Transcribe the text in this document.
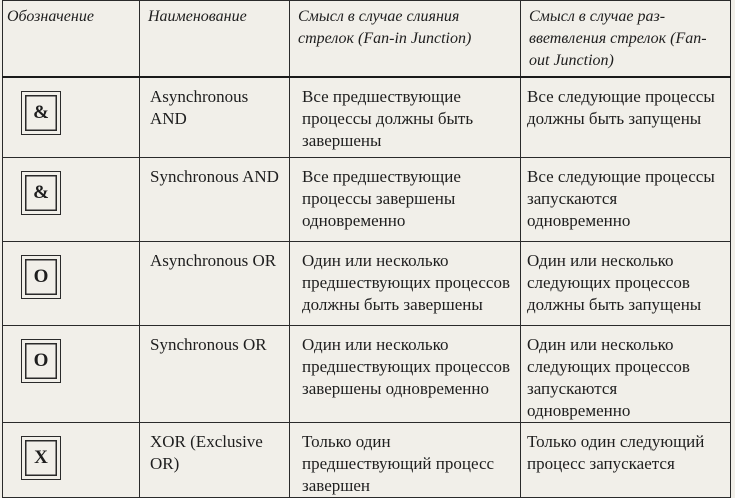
Обозначение	Наименование	Смысл в случае слияния стрелок (Fan-in Junction)	Смысл в случае раз-вветвления стрелок (Fan-out Junction)

&	Asynchronous AND	Все предшествующие процессы должны быть завершены	Все следующие процессы должны быть запущены

&	Synchronous AND	Все предшествующие процессы завершены одновременно	Все следующие процессы запускаются одновременно

O	Asynchronous OR	Один или несколько предшествующих процессов должны быть завершены	Один или несколько следующих процессов должны быть запущены

O	Synchronous OR	Один или несколько предшествующих процессов завершены одновременно	Один или несколько следующих процессов запускаются одновременно

X	XOR (Exclusive OR)	Только один предшествующий процесс завершен	Только один следующий процесс запускается
